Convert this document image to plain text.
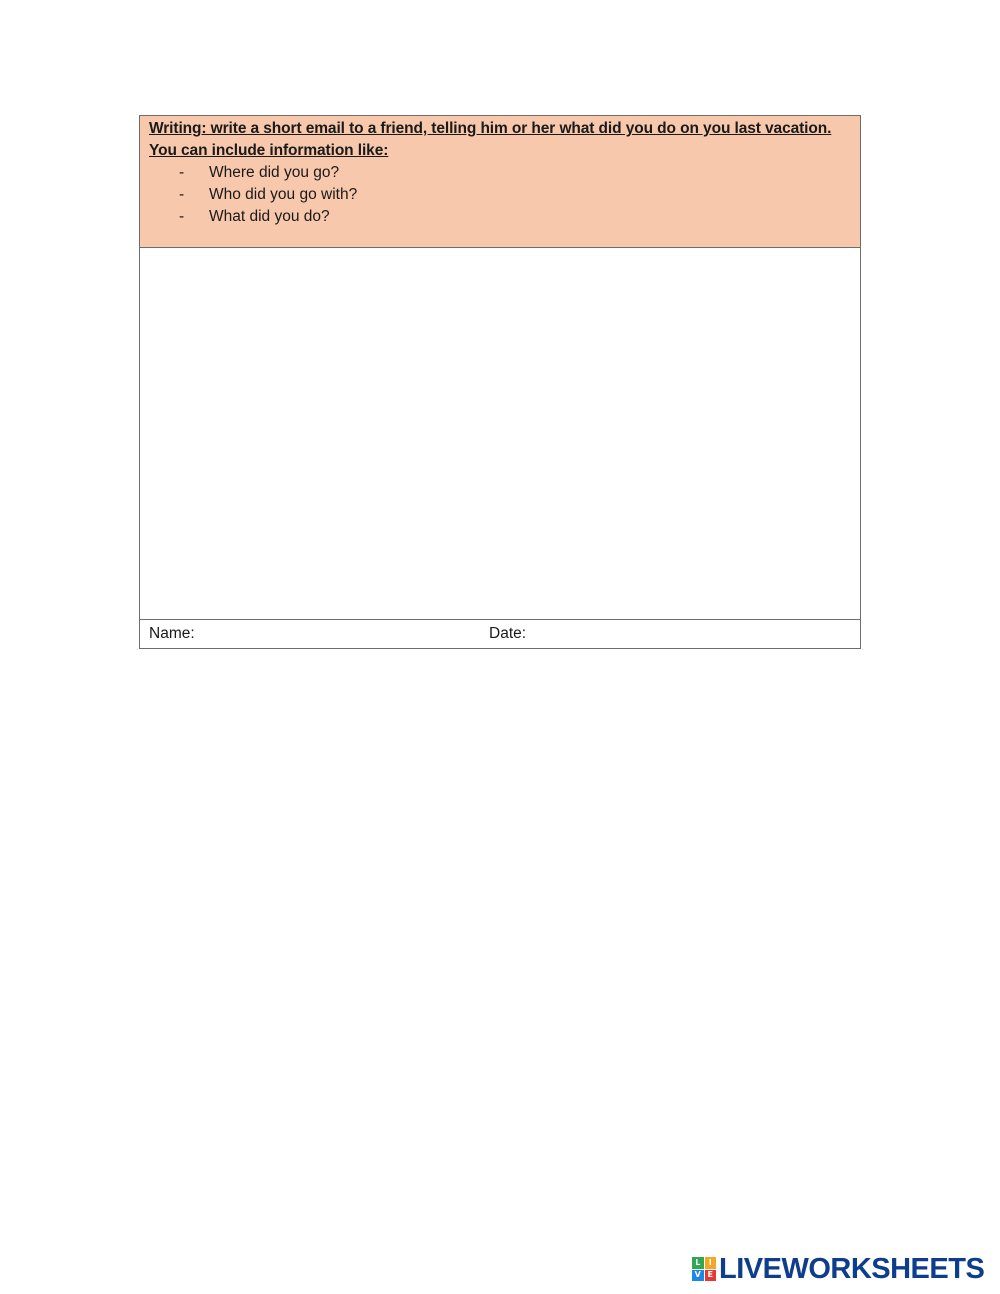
Writing: write a short email to a friend, telling him or her what did you do on you last vacation. You can include information like:

-	Where did you go?
-	Who did you go with?
-	What did you do?
Name:	Date:
L	I
V E LIVEWORKSHEETS
